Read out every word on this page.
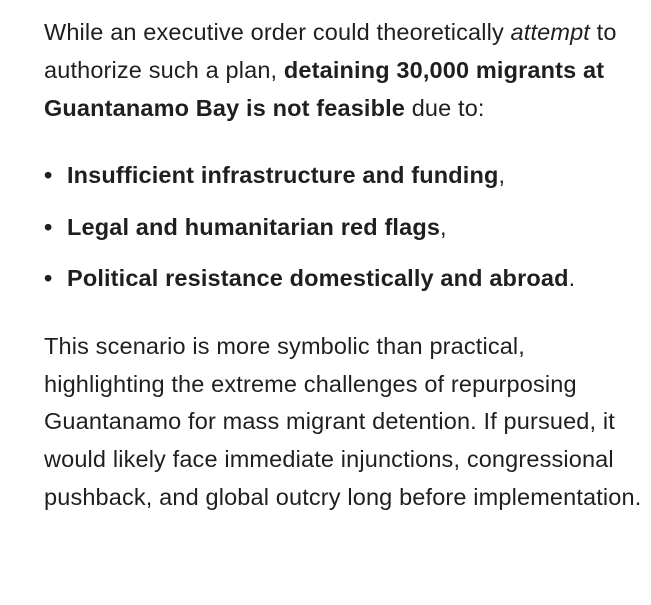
While an executive order could theoretically attempt to authorize such a plan, detaining 30,000 migrants at Guantanamo Bay is not feasible due to:

• Insufficient infrastructure and funding,
• Legal and humanitarian red flags,
• Political resistance domestically and abroad.

This scenario is more symbolic than practical, highlighting the extreme challenges of repurposing Guantanamo for mass migrant detention. If pursued, it would likely face immediate injunctions, congressional pushback, and global outcry long before implementation.
